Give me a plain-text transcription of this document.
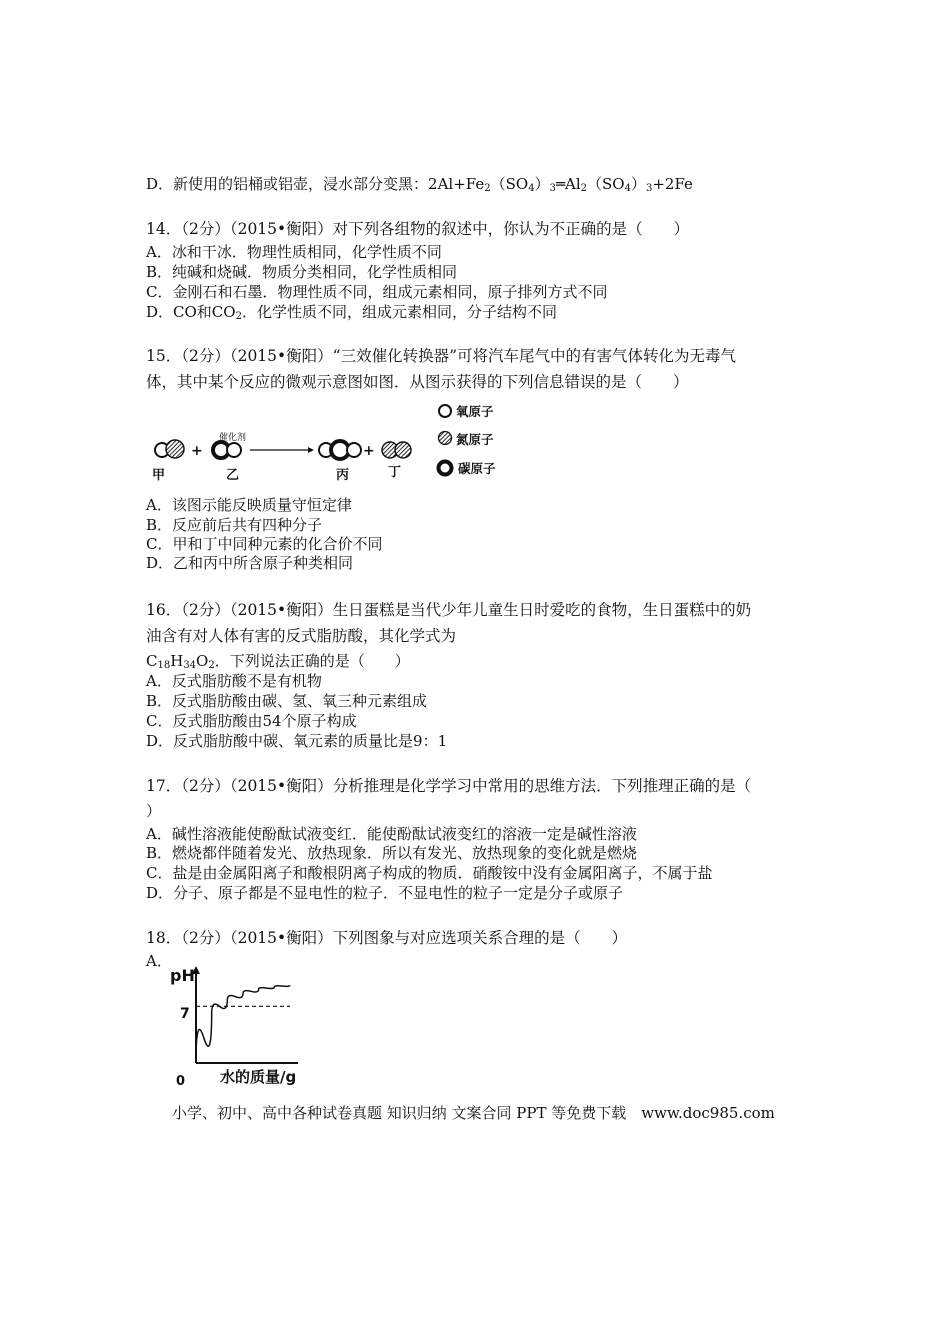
D．新使用的铝桶或铝壶，浸水部分变黑：$2Al+Fe_2(SO_4)_3═Al_2(SO_4)_3+2Fe$
14．（2分）（2015•衡阳）对下列各组物的叙述中，你认为不正确的是（　　）
A．冰和干冰．物理性质相同，化学性质不同
B．纯碱和烧碱．物质分类相同，化学性质相同
C．金刚石和石墨．物理性质不同，组成元素相同，原子排列方式不同
D．CO和$CO_2$．化学性质不同，组成元素相同，分子结构不同
15．（2分）（2015•衡阳）“三效催化转换器”可将汽车尾气中的有害气体转化为无毒气
体，其中某个反应的微观示意图如图．从图示获得的下列信息错误的是（　　）
+
催化剂
+
甲	乙	丙	丁
氧原子
氮原子
碳原子
A．该图示能反映质量守恒定律
B．反应前后共有四种分子
C．甲和丁中同种元素的化合价不同
D．乙和丙中所含原子种类相同
16．（2分）（2015•衡阳）生日蛋糕是当代少年儿童生日时爱吃的食物，生日蛋糕中的奶
油含有对人体有害的反式脂肪酸，其化学式为
$C_{18}H_{34}O_2$．下列说法正确的是（　　）
A．反式脂肪酸不是有机物
B．反式脂肪酸由碳、氢、氧三种元素组成
C．反式脂肪酸由54个原子构成
D．反式脂肪酸中碳、氧元素的质量比是9：1
17．（2分）（2015•衡阳）分析推理是化学学习中常用的思维方法．下列推理正确的是（
）
A．碱性溶液能使酚酞试液变红．能使酚酞试液变红的溶液一定是碱性溶液
B．燃烧都伴随着发光、放热现象．所以有发光、放热现象的变化就是燃烧
C．盐是由金属阳离子和酸根阴离子构成的物质．硝酸铵中没有金属阳离子，不属于盐
D．分子、原子都是不显电性的粒子．不显电性的粒子一定是分子或原子
18．（2分）（2015•衡阳）下列图象与对应选项关系合理的是（　　）
A．
pH
7
0 水的质量/g
小学、初中、高中各种试卷真题 知识归纳 文案合同 PPT 等免费下载　www.doc985.com
